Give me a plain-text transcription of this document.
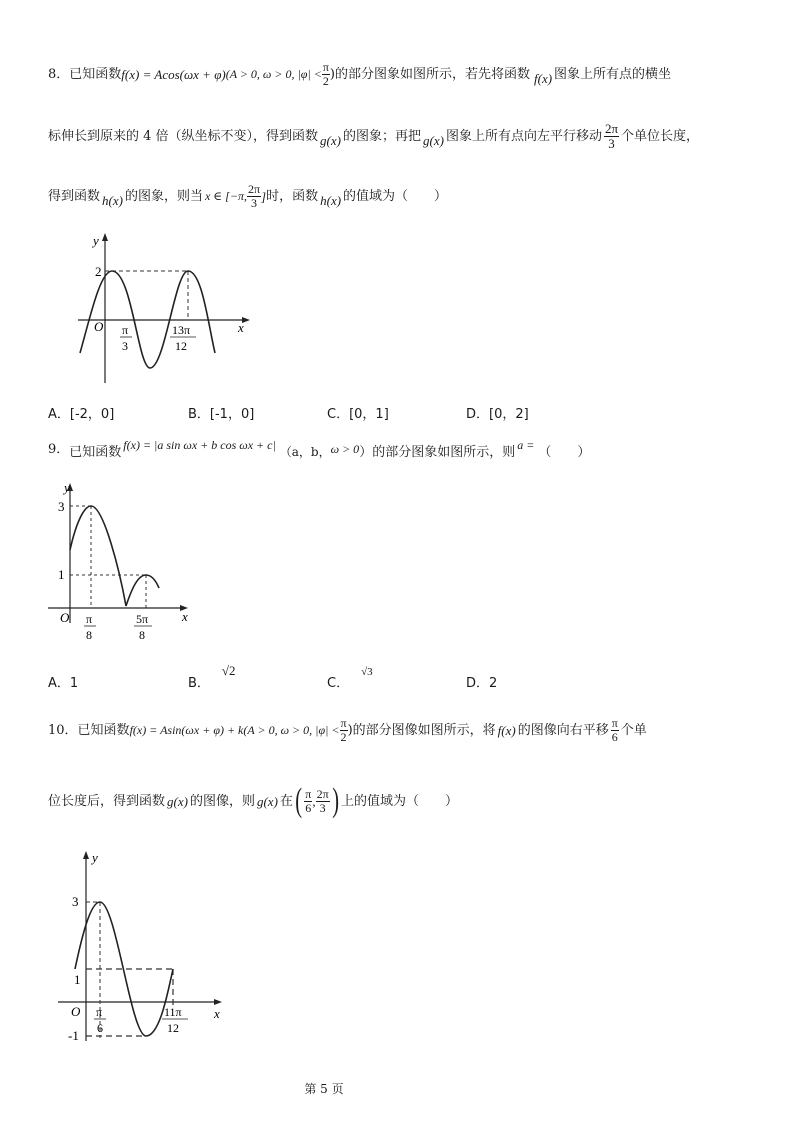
8． 已知函数 f(x) = Acos(ωx + φ) (A > 0, ω > 0, $|\varphi| < \frac{\pi}{2}$ ) 的部分图象如图所示，若先将函数 f(x) 图象上所有点的横坐
标伸长到原来的 4 倍（纵坐标不变），得到函数 g(x) 的图象；再把 g(x) 图象上所有点向左平行移动 $\frac{2\pi}{3}$ 个单位长度，
得到函数 h(x) 的图象，则当 x ∈ [−π, $\frac{2\pi}{3}$ ] 时，函数 h(x) 的值域为（　　）
y
x
O
2
π
3
13π
12
A．[-2，0]	B．[-1，0]	C．[0，1]	D．[0，2]
9． 已知函数 f(x) = |a sin ωx + b cos ωx + c| （a，b， ω > 0 ）的部分图象如图所示，则 a = （　　）
y
x
O
3
1
π
8
5π
8
A．1	B．√2
C．$^{√3}$
D．2
10． 已知函数 f(x) = Asin(ωx + φ) + k(A > 0, ω > 0, $|\varphi| < \frac{\pi}{2}$ ) 的部分图像如图所示，将 f(x) 的图像向右平移 $\frac{\pi}{6}$ 个单
位长度后，得到函数 g(x) 的图像，则 g(x) 在 ( $\frac{\pi}{6}$ , $\frac{2\pi}{3}$ ) 上的值域为（　　）
y
x
O
3
1
-1
π
6
11π
12
第 5 页
